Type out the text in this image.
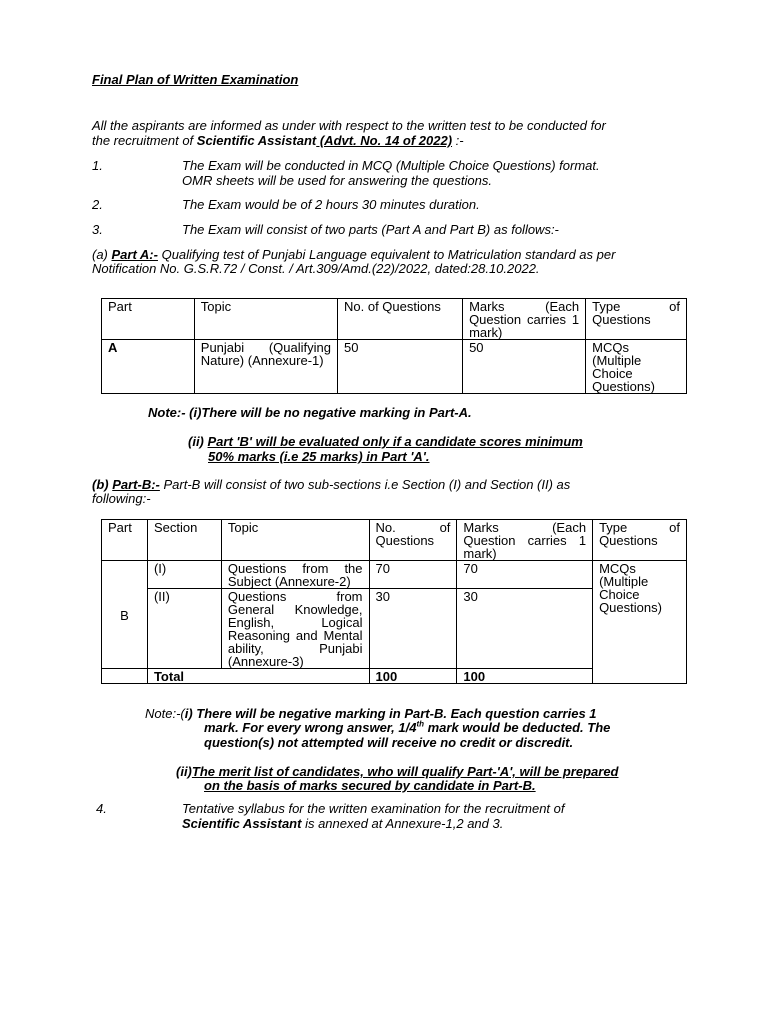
Final Plan of Written Examination
All the aspirants are informed as under with respect to the written test to be conducted for
the recruitment of Scientific Assistant (Advt. No. 14 of 2022) :-
1.	The Exam will be conducted in MCQ (Multiple Choice Questions) format.
OMR sheets will be used for answering the questions.
2.	The Exam would be of 2 hours 30 minutes duration.
3.	The Exam will consist of two parts (Part A and Part B) as follows:-
(a) Part A:- Qualifying test of Punjabi Language equivalent to Matriculation standard as per
Notification No. G.S.R.72 / Const. / Art.309/Amd.(22)/2022, dated:28.10.2022.
Part	Topic	No. of Questions	Marks (Each Question carries 1 mark)	Type of Questions
A	Punjabi (Qualifying Nature) (Annexure-1)	50	50	MCQs (Multiple Choice Questions)
Note:- (i)There will be no negative marking in Part-A.
(ii) Part 'B' will be evaluated only if a candidate scores minimum
50% marks (i.e 25 marks) in Part 'A'.
(b) Part-B:- Part-B will consist of two sub-sections i.e Section (I) and Section (II) as
following:-
Part	Section	Topic	No. of Questions	Marks (Each Question carries 1 mark)	Type of Questions
B	(I)	Questions from the Subject (Annexure-2)	70	70	MCQs (Multiple Choice Questions)
	(II)	Questions from General Knowledge, English, Logical Reasoning and Mental ability, Punjabi (Annexure-3)	30	30	
	Total		100	100	
Note:-(i) There will be negative marking in Part-B. Each question carries 1
mark. For every wrong answer, 1/4th mark would be deducted. The
question(s) not attempted will receive no credit or discredit.
(ii)The merit list of candidates, who will qualify Part-'A', will be prepared
on the basis of marks secured by candidate in Part-B.
4.	Tentative syllabus for the written examination for the recruitment of
Scientific Assistant is annexed at Annexure-1,2 and 3.
